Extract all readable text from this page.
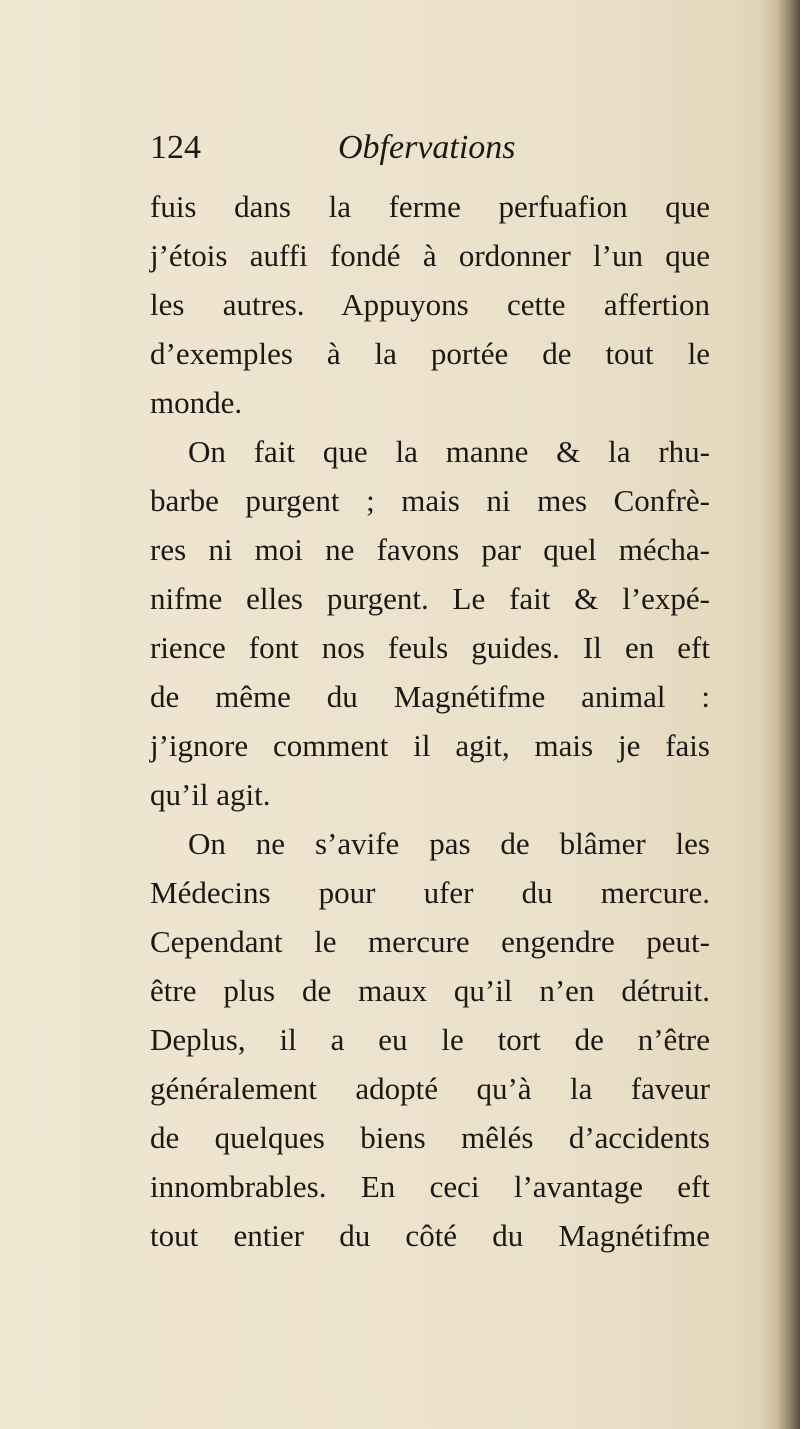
124	Obfervations
fuis dans la ferme perfuafion que
j’étois auffi fondé à ordonner l’un que
les autres. Appuyons cette affertion
d’exemples à la portée de tout le
monde.
On fait que la manne & la rhu-
barbe purgent ; mais ni mes Confrè-
res ni moi ne favons par quel mécha-
nifme elles purgent. Le fait & l’expé-
rience font nos feuls guides. Il en eft
de même du Magnétifme animal :
j’ignore comment il agit, mais je fais
qu’il agit.
On ne s’avife pas de blâmer les
Médecins pour ufer du mercure.
Cependant le mercure engendre peut-
être plus de maux qu’il n’en détruit.
Deplus, il a eu le tort de n’être
généralement adopté qu’à la faveur
de quelques biens mêlés d’accidents
innombrables. En ceci l’avantage eft
tout entier du côté du Magnétifme
